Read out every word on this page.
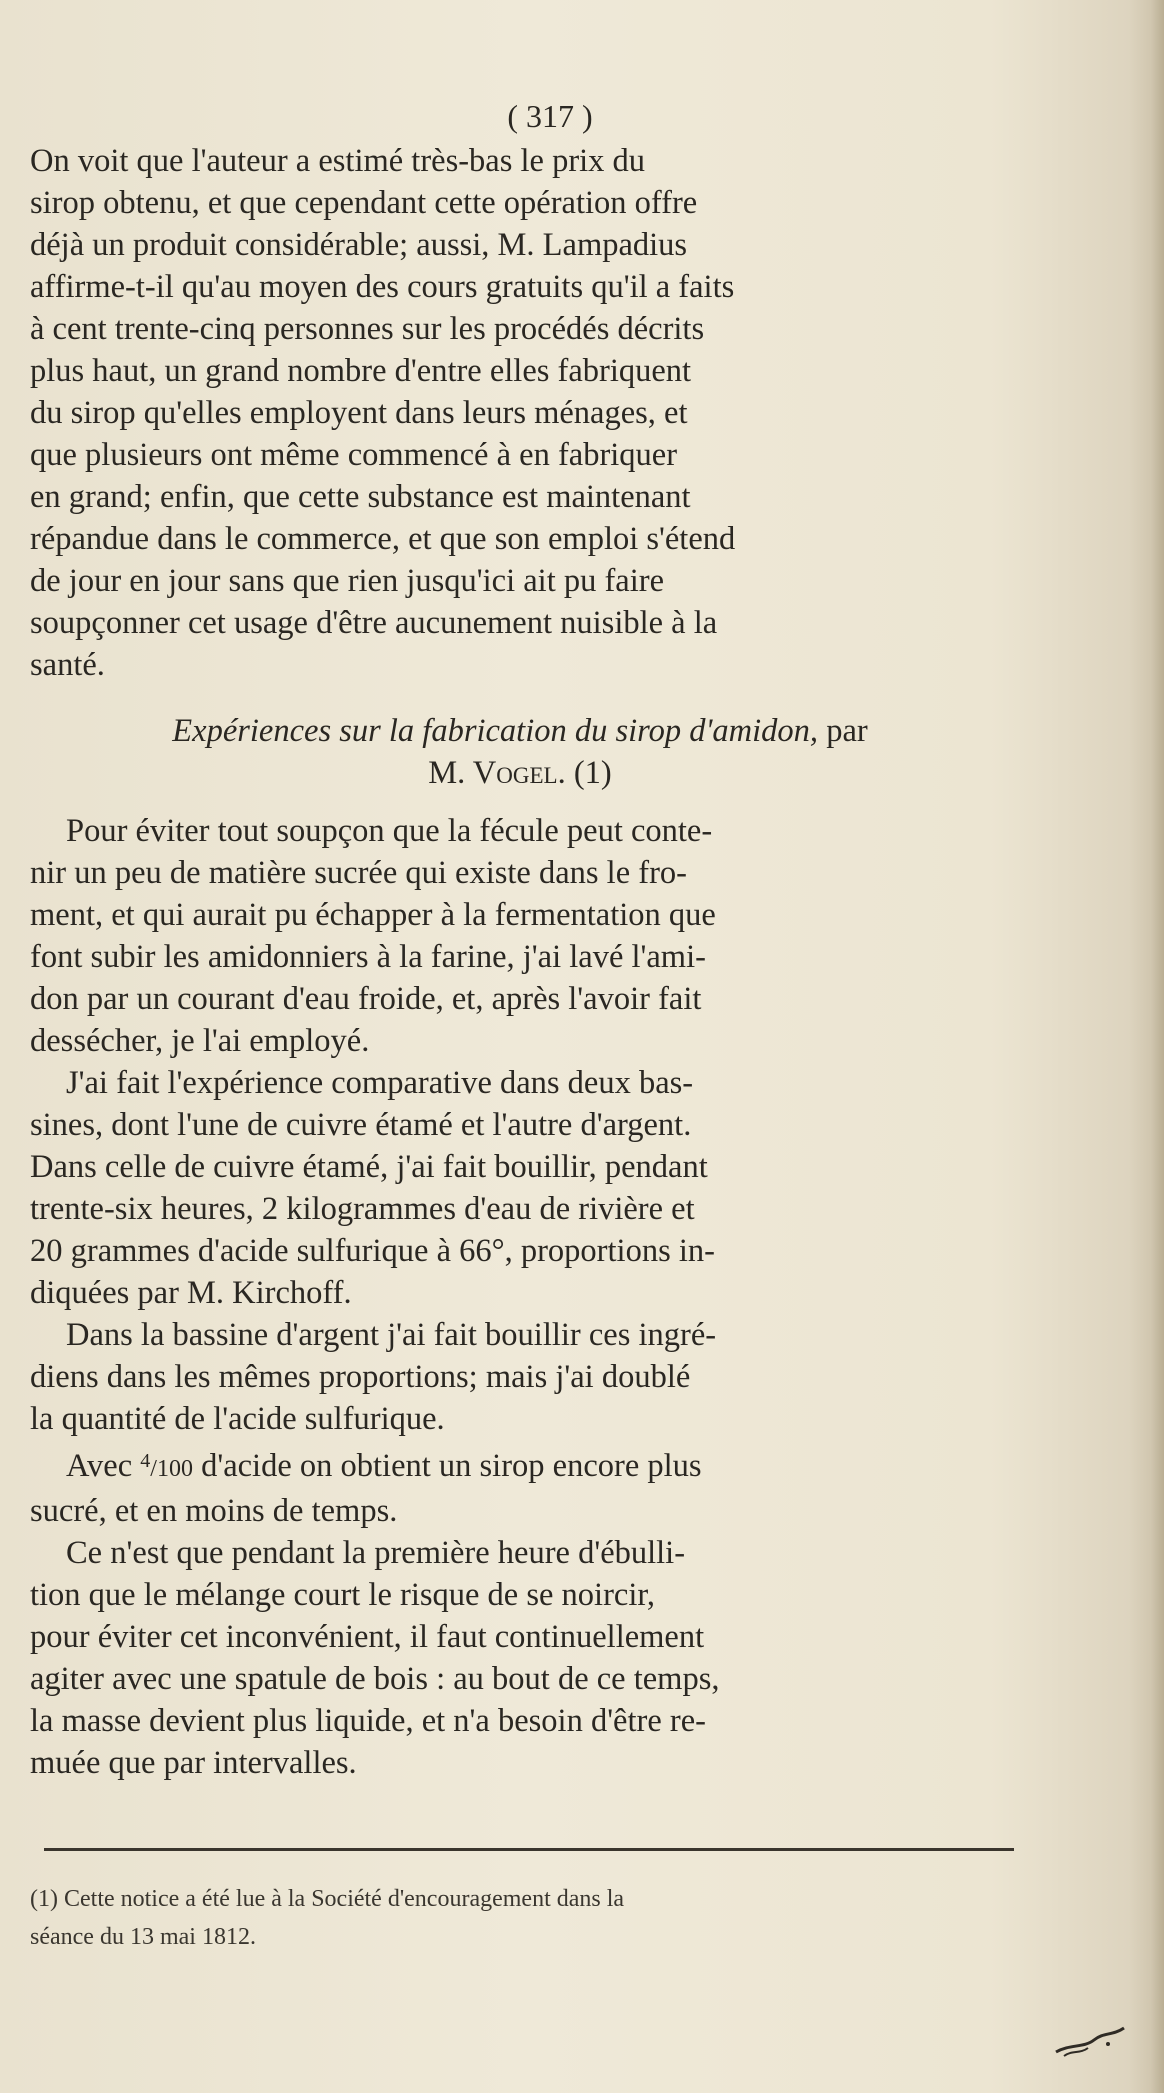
( 317 )

On voit que l'auteur a estimé très-bas le prix du
sirop obtenu, et que cependant cette opération offre
déjà un produit considérable; aussi, M. Lampadius
affirme-t-il qu'au moyen des cours gratuits qu'il a faits
à cent trente-cinq personnes sur les procédés décrits
plus haut, un grand nombre d'entre elles fabriquent
du sirop qu'elles employent dans leurs ménages, et
que plusieurs ont même commencé à en fabriquer
en grand; enfin, que cette substance est maintenant
répandue dans le commerce, et que son emploi s'étend
de jour en jour sans que rien jusqu'ici ait pu faire
soupçonner cet usage d'être aucunement nuisible à la
santé.

Expériences sur la fabrication du sirop d'amidon, par
M. Vogel. (1)

Pour éviter tout soupçon que la fécule peut conte-
nir un peu de matière sucrée qui existe dans le fro-
ment, et qui aurait pu échapper à la fermentation que
font subir les amidonniers à la farine, j'ai lavé l'ami-
don par un courant d'eau froide, et, après l'avoir fait
dessécher, je l'ai employé.

J'ai fait l'expérience comparative dans deux bas-
sines, dont l'une de cuivre étamé et l'autre d'argent.
Dans celle de cuivre étamé, j'ai fait bouillir, pendant
trente-six heures, 2 kilogrammes d'eau de rivière et
20 grammes d'acide sulfurique à 66°, proportions in-
diquées par M. Kirchoff.

Dans la bassine d'argent j'ai fait bouillir ces ingré-
diens dans les mêmes proportions; mais j'ai doublé
la quantité de l'acide sulfurique.

Avec $^4$/100 d'acide on obtient un sirop encore plus
sucré, et en moins de temps.

Ce n'est que pendant la première heure d'ébulli-
tion que le mélange court le risque de se noircir,
pour éviter cet inconvénient, il faut continuellement
agiter avec une spatule de bois : au bout de ce temps,
la masse devient plus liquide, et n'a besoin d'être re-
muée que par intervalles.

(1) Cette notice a été lue à la Société d'encouragement dans la
séance du 13 mai 1812.
